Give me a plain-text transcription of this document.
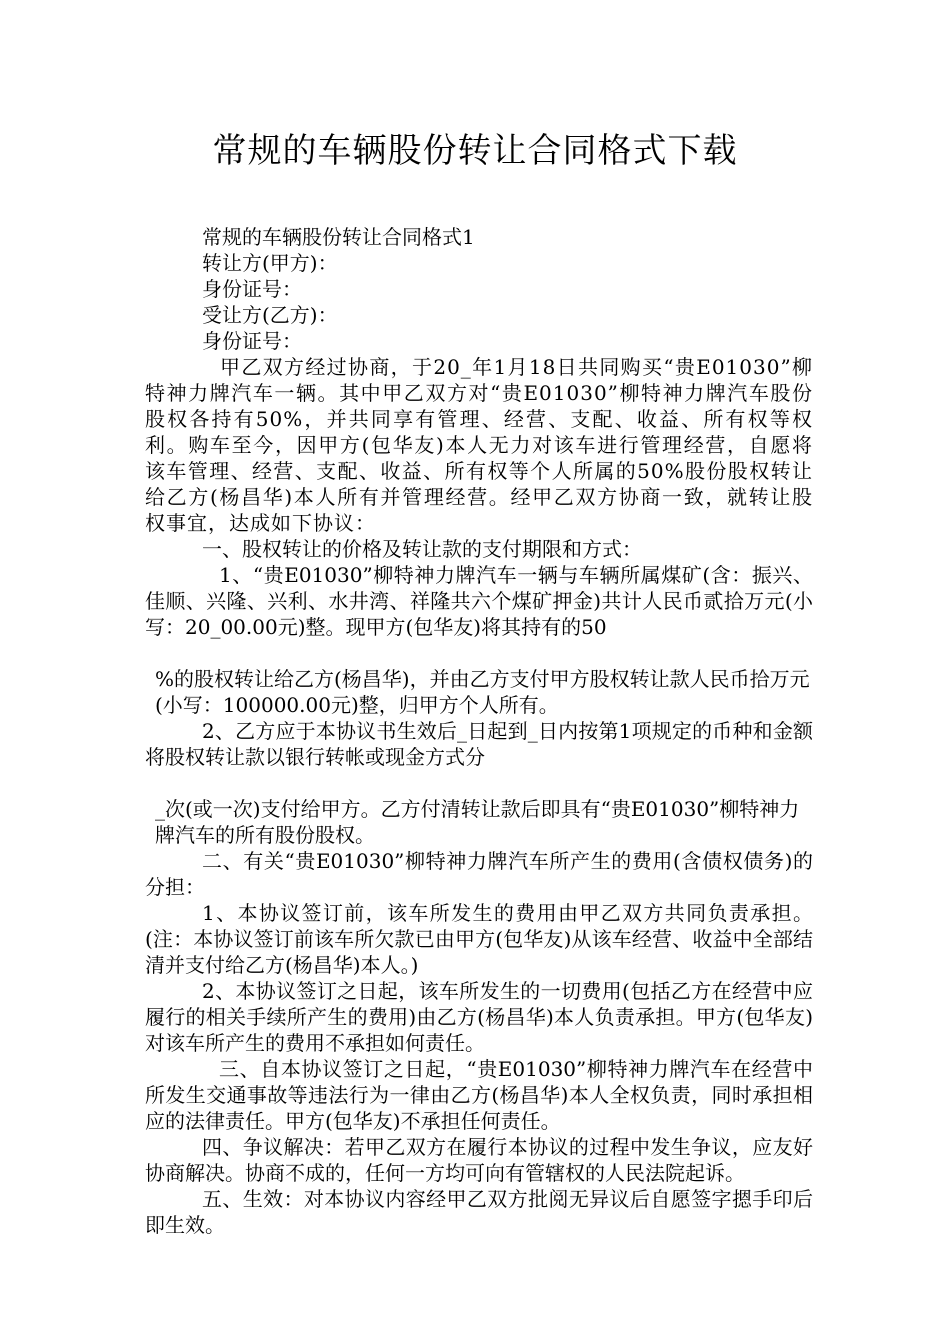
常规的车辆股份转让合同格式下载

常规的车辆股份转让合同格式1

转让方(甲方)：

身份证号：

受让方(乙方)：

身份证号：

甲乙双方经过协商，于20_年1月18日共同购买“贵E01030”柳特神力牌汽车一辆。其中甲乙双方对“贵E01030”柳特神力牌汽车股份股权各持有50%，并共同享有管理、经营、支配、收益、所有权等权利。购车至今，因甲方(包华友)本人无力对该车进行管理经营，自愿将该车管理、经营、支配、收益、所有权等个人所属的50%股份股权转让给乙方(杨昌华)本人所有并管理经营。经甲乙双方协商一致，就转让股权事宜，达成如下协议：

一、股权转让的价格及转让款的支付期限和方式：

1、“贵E01030”柳特神力牌汽车一辆与车辆所属煤矿(含：振兴、佳顺、兴隆、兴利、水井湾、祥隆共六个煤矿押金)共计人民币贰拾万元(小写：20_00.00元)整。现甲方(包华友)将其持有的50

%的股权转让给乙方(杨昌华)，并由乙方支付甲方股权转让款人民币拾万元(小写：100000.00元)整，归甲方个人所有。

2、乙方应于本协议书生效后_日起到_日内按第1项规定的币种和金额将股权转让款以银行转帐或现金方式分

_次(或一次)支付给甲方。乙方付清转让款后即具有“贵E01030”柳特神力牌汽车的所有股份股权。

二、有关“贵E01030”柳特神力牌汽车所产生的费用(含债权债务)的分担：

1、本协议签订前，该车所发生的费用由甲乙双方共同负责承担。(注：本协议签订前该车所欠款已由甲方(包华友)从该车经营、收益中全部结清并支付给乙方(杨昌华)本人。)

2、本协议签订之日起，该车所发生的一切费用(包括乙方在经营中应履行的相关手续所产生的费用)由乙方(杨昌华)本人负责承担。甲方(包华友)对该车所产生的费用不承担如何责任。

三、自本协议签订之日起，“贵E01030”柳特神力牌汽车在经营中所发生交通事故等违法行为一律由乙方(杨昌华)本人全权负责，同时承担相应的法律责任。甲方(包华友)不承担任何责任。

四、争议解决：若甲乙双方在履行本协议的过程中发生争议，应友好协商解决。协商不成的，任何一方均可向有管辖权的人民法院起诉。

五、生效：对本协议内容经甲乙双方批阅无异议后自愿签字摁手印后即生效。
